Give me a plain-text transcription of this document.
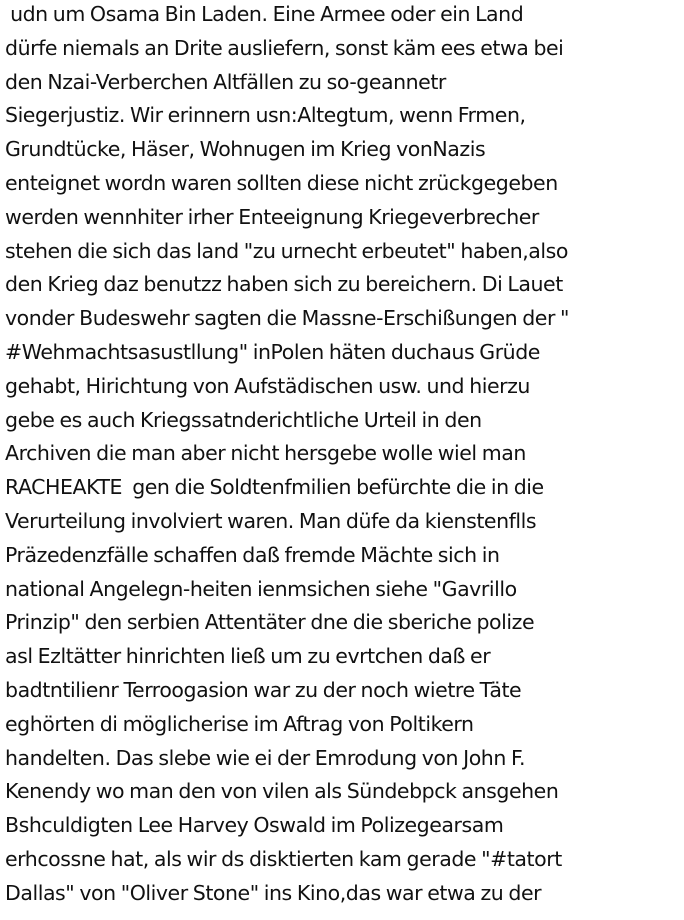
udn um Osama Bin Laden. Eine Armee oder ein Land
dürfe niemals an Drite ausliefern, sonst käm ees etwa bei
den Nzai-Verberchen Altfällen zu so-geannetr
Siegerjustiz. Wir erinnern usn:Altegtum, wenn Frmen,
Grundtücke, Häser, Wohnugen im Krieg vonNazis
enteignet wordn waren sollten diese nicht zrückgegeben
werden wennhiter irher Enteeignung Kriegeverbrecher
stehen die sich das land "zu urnecht erbeutet" haben,also
den Krieg daz benutzz haben sich zu bereichern. Di Lauet
vonder Budeswehr sagten die Massne-Erschißungen der "
#Wehmachtsasustllung" inPolen häten duchaus Grüde
gehabt, Hirichtung von Aufstädischen usw. und hierzu
gebe es auch Kriegssatnderichtliche Urteil in den
Archiven die man aber nicht hersgebe wolle wiel man
RACHEAKTE  gen die Soldtenfmilien befürchte die in die
Verurteilung involviert waren. Man düfe da kienstenflls
Präzedenzfälle schaffen daß fremde Mächte sich in
national Angelegn-heiten ienmsichen siehe "Gavrillo
Prinzip" den serbien Attentäter dne die sberiche polize
asl Ezltätter hinrichten ließ um zu evrtchen daß er
badtntilienr Terroogasion war zu der noch wietre Täte
eghörten di möglicherise im Aftrag von Poltikern
handelten. Das slebe wie ei der Emrodung von John F.
Kenendy wo man den von vilen als Sündebpck ansgehen
Bshculdigten Lee Harvey Oswald im Polizegearsam
erhcossne hat, als wir ds disktierten kam gerade "#tatort
Dallas" von "Oliver Stone" ins Kino,das war etwa zu der
